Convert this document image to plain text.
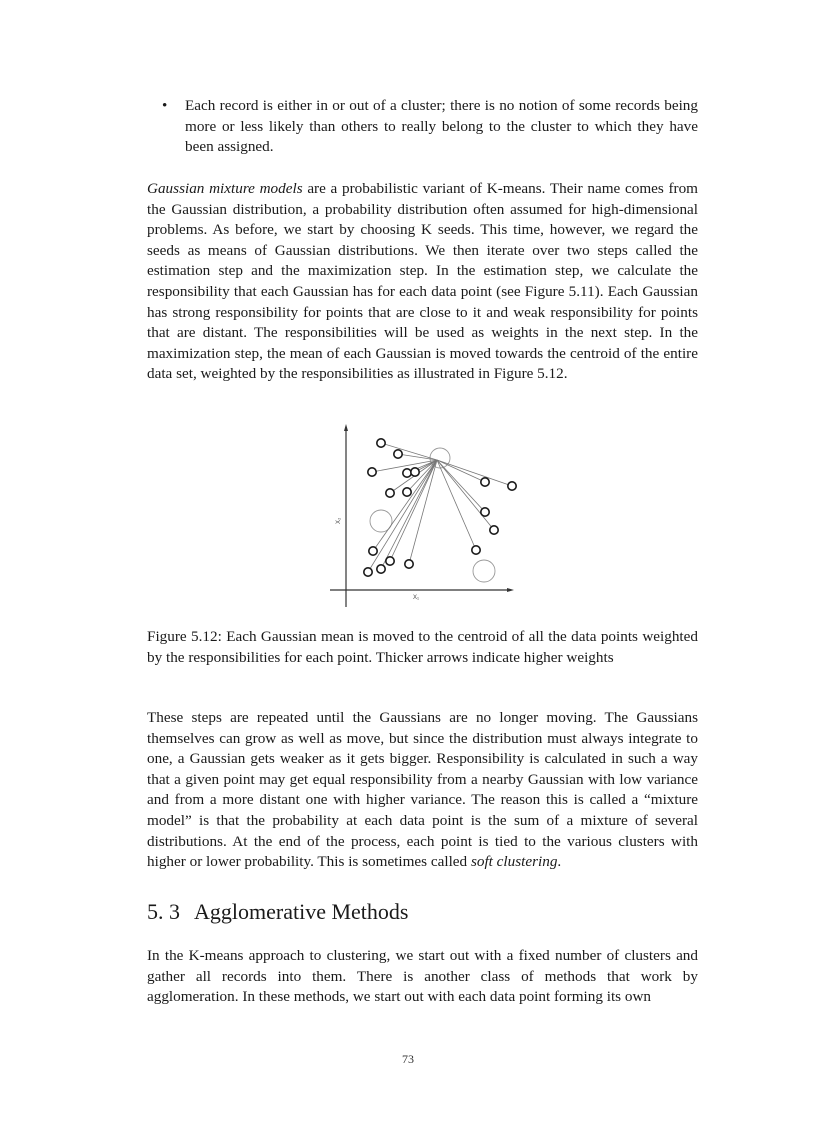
• Each record is either in or out of a cluster; there is no notion of some records being more or less likely than others to really belong to the cluster to which they have been assigned.

Gaussian mixture models are a probabilistic variant of K-means. Their name comes from the Gaussian distribution, a probability distribution often assumed for high-dimensional problems. As before, we start by choosing K seeds. This time, however, we regard the seeds as means of Gaussian distributions. We then iterate over two steps called the estimation step and the maximization step. In the estimation step, we calculate the responsibility that each Gaussian has for each data point (see Figure 5.11). Each Gaussian has strong responsibility for points that are close to it and weak responsibility for points that are distant. The responsibilities will be used as weights in the next step. In the maximization step, the mean of each Gaussian is moved towards the centroid of the entire data set, weighted by the responsibilities as illustrated in Figure 5.12.

X₁
X₂

Figure 5.12: Each Gaussian mean is moved to the centroid of all the data points weighted by the responsibilities for each point. Thicker arrows indicate higher weights

These steps are repeated until the Gaussians are no longer moving. The Gaussians themselves can grow as well as move, but since the distribution must always integrate to one, a Gaussian gets weaker as it gets bigger. Responsibility is calculated in such a way that a given point may get equal responsibility from a nearby Gaussian with low variance and from a more distant one with higher variance. The reason this is called a “mixture model” is that the probability at each data point is the sum of a mixture of several distributions. At the end of the process, each point is tied to the various clusters with higher or lower probability. This is sometimes called soft clustering.

5. 3 Agglomerative Methods

In the K-means approach to clustering, we start out with a fixed number of clusters and gather all records into them. There is another class of methods that work by agglomeration. In these methods, we start out with each data point forming its own

73
